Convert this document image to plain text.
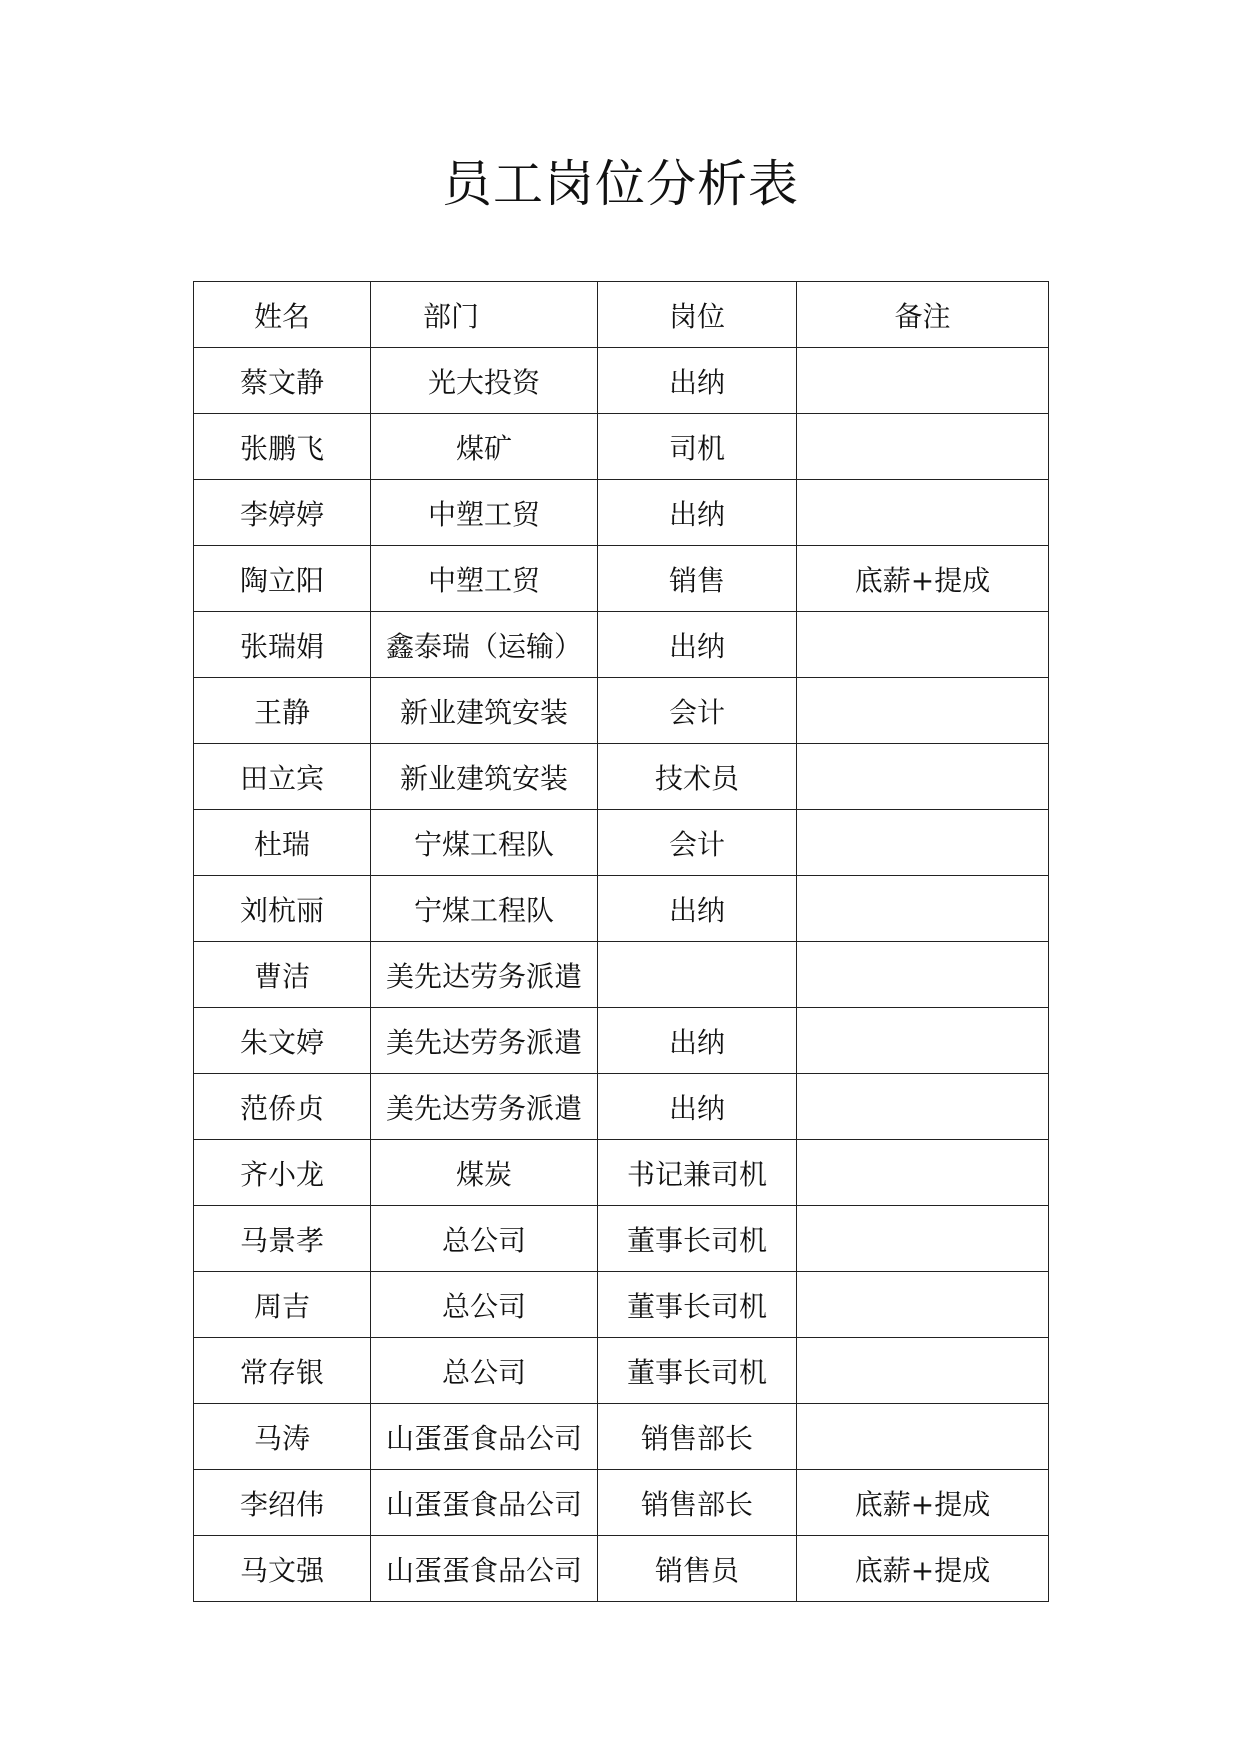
员工岗位分析表
姓名	部门	岗位	备注
蔡文静	光大投资	出纳	
张鹏飞	煤矿	司机	
李婷婷	中塑工贸	出纳	
陶立阳	中塑工贸	销售	底薪+提成
张瑞娟	鑫泰瑞（运输）	出纳	
王静	新业建筑安装	会计	
田立宾	新业建筑安装	技术员	
杜瑞	宁煤工程队	会计	
刘杭丽	宁煤工程队	出纳	
曹洁	美先达劳务派遣		
朱文婷	美先达劳务派遣	出纳	
范侨贞	美先达劳务派遣	出纳	
齐小龙	煤炭	书记兼司机	
马景孝	总公司	董事长司机	
周吉	总公司	董事长司机	
常存银	总公司	董事长司机	
马涛	山蛋蛋食品公司	销售部长	
李绍伟	山蛋蛋食品公司	销售部长	底薪+提成
马文强	山蛋蛋食品公司	销售员	底薪+提成
